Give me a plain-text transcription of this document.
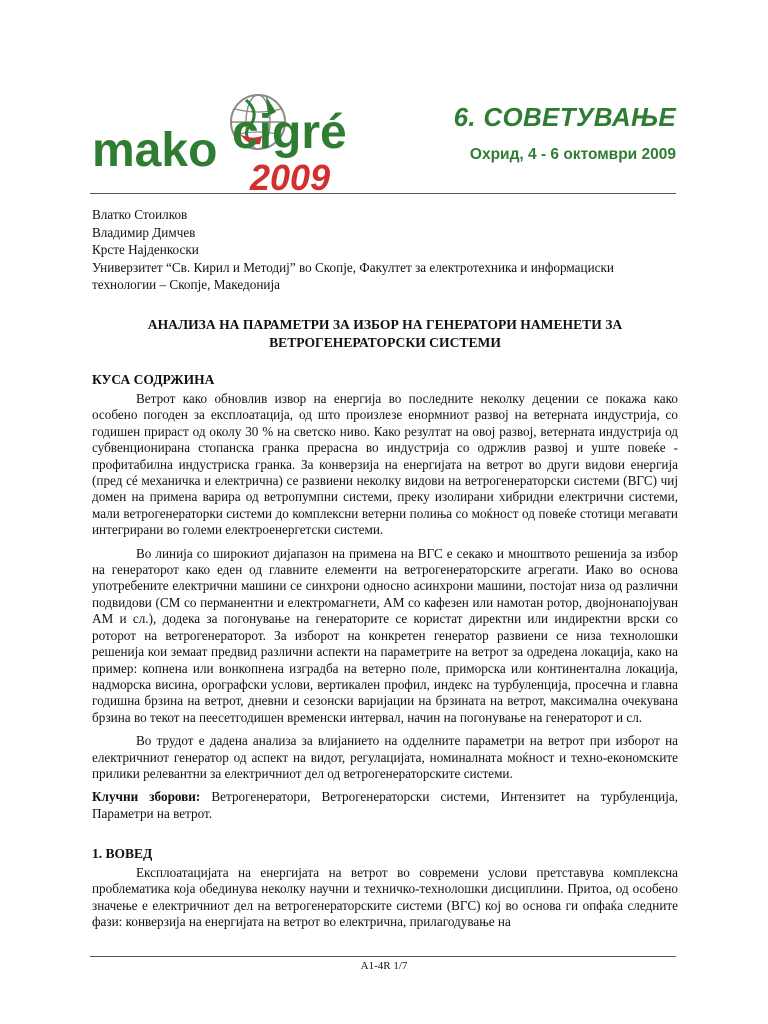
mako cigré
2009
6. СОВЕТУВАЊЕ
Охрид, 4 - 6 октомври 2009
Влатко Стоилков
Владимир Димчев
Крсте Најденкоски
Универзитет “Св. Кирил и Методиј” во Скопје, Факултет за електротехника и информациски
технологии – Скопје, Македонија
АНАЛИЗА НА ПАРАМЕТРИ ЗА ИЗБОР НА ГЕНЕРАТОРИ НАМЕНЕТИ ЗА
ВЕТРОГЕНЕРАТОРСКИ СИСТЕМИ
КУСА СОДРЖИНА

Ветрот како обновлив извор на енергија во последните неколку децении се покажа како особено погоден за експлоатација, од што произлезе енормниот развој на ветерната индустрија, со годишен прираст од околу 30 % на светско ниво. Како резултат на овој развој, ветерната индустрија од субвенционирана стопанска гранка прерасна во индустрија со одржлив развој и уште повеќе - профитабилна индустриска гранка. За конверзија на енергијата на ветрот во други видови енергија (пред сé механичка и електрична) се развиени неколку видови на ветрогенераторски системи (ВГС) чиј домен на примена варира од ветропумпни системи, преку изолирани хибридни електрични системи, мали ветрогенераторки системи до комплексни ветерни полиња со моќност од повеќе стотици мегавати интегрирани во големи електроенергетски системи.

Во линија со широкиот дијапазон на примена на ВГС е секако и мноштвото решенија за избор на генераторот како еден од главните елементи на ветрогенераторските агрегати. Иако во основа употребените електрични машини се синхрони односно асинхрони машини, постојат низа од различни подвидови (СМ со перманентни и електромагнети, АМ со кафезен или намотан ротор, двојнонапојуван АМ и сл.), додека за погонување на генераторите се користат директни или индиректни врски со роторот на ветрогенераторот. За изборот на конкретен генератор развиени се низа технолошки решенија кои земаат предвид различни аспекти на параметрите на ветрот за одредена локација, како на пример: копнена или вонкопнена изградба на ветерно поле, приморска или континентална локација, надморска висина, орографски услови, вертикален профил, индекс на турбуленција, просечна и главна годишна брзина на ветрот, дневни и сезонски варијации на брзината на ветрот, максимална очекувана брзина во текот на пеесетгодишен временски интервал, начин на погонување на генераторот и сл.

Во трудот е дадена анализа за влијанието на одделните параметри на ветрот при изборот на електричниот генератор од аспект на видот, регулацијата, номиналната моќност и техно-економските прилики релевантни за електричниот дел од ветрогенераторските системи.

Клучни зборови: Ветрогенератори, Ветрогенераторски системи, Интензитет на турбуленција, Параметри на ветрот.

1. ВОВЕД

Експлоатацијата на енергијата на ветрот во современи услови претставува комплексна проблематика која обединува неколку научни и техничко-технолошки дисциплини. Притоа, од особено значење е електричниот дел на ветрогенераторските системи (ВГС) кој во основа ги опфаќа следните фази: конверзија на енергијата на ветрот во електрична, прилагодување на

A1-4R 1/7
